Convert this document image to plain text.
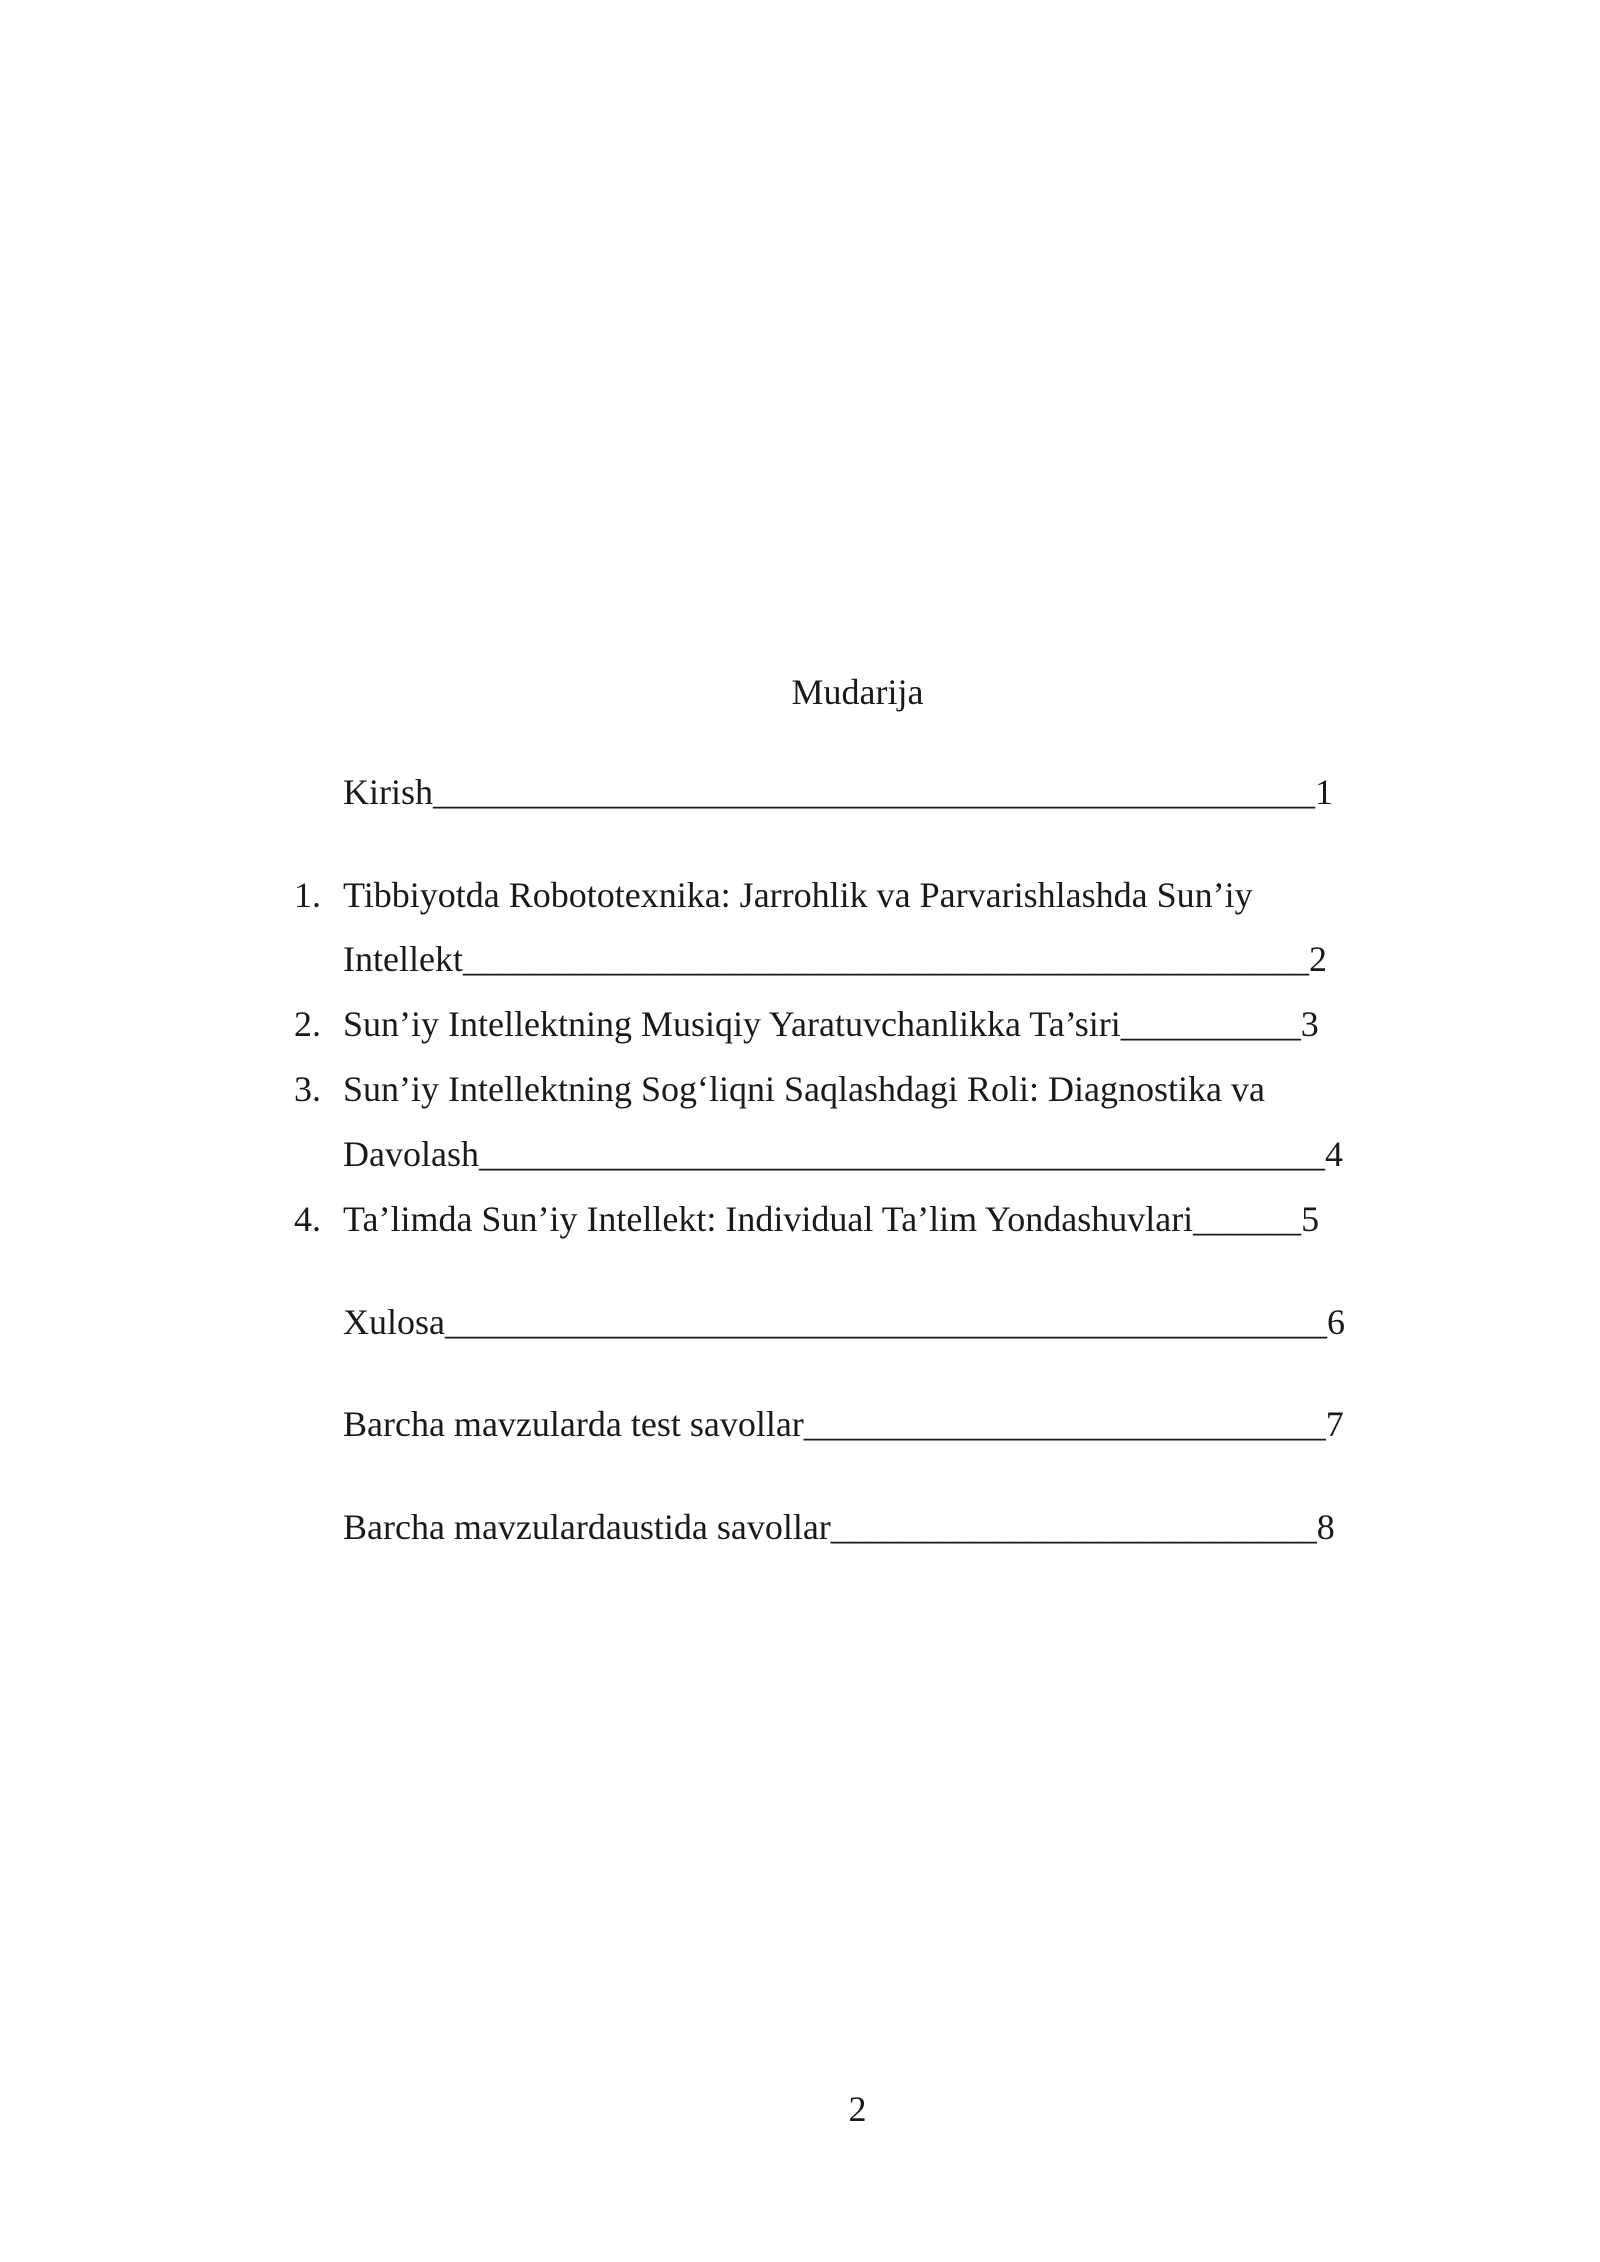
Mudarija
Kirish_________________________________________________1
1. Tibbiyotda Robototexnika: Jarrohlik va Parvarishlashda Sun’iy
Intellekt_______________________________________________2
2. Sun’iy Intellektning Musiqiy Yaratuvchanlikka Ta’siri__________3
3. Sun’iy Intellektning Sog‘liqni Saqlashdagi Roli: Diagnostika va
Davolash_______________________________________________4
4. Ta’limda Sun’iy Intellekt: Individual Ta’lim Yondashuvlari______5
Xulosa_________________________________________________6
Barcha mavzularda test savollar_____________________________7
Barcha mavzulardaustida savollar___________________________8
2
